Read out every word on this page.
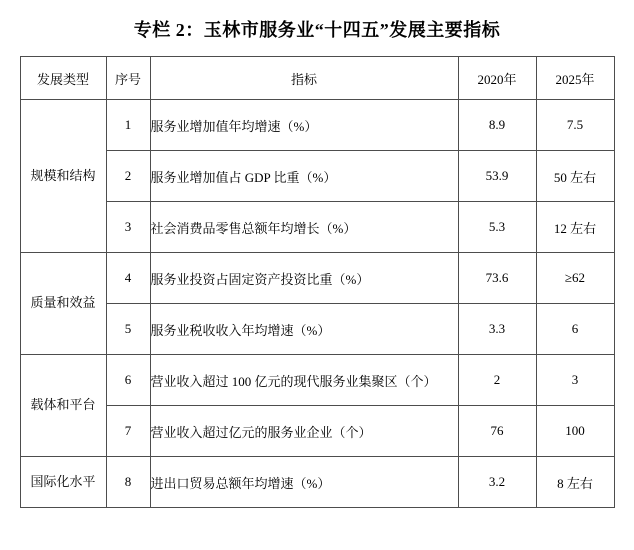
专栏 2：玉林市服务业“十四五”发展主要指标
发展类型	序号	指标	2020年	2025年
规模和结构	1	服务业增加值年均增速（%）	8.9	7.5
	2	服务业增加值占 GDP 比重（%）	53.9	50 左右
	3	社会消费品零售总额年均增长（%）	5.3	12 左右
质量和效益	4	服务业投资占固定资产投资比重（%）	73.6	≥62
	5	服务业税收收入年均增速（%）	3.3	6
载体和平台	6	营业收入超过 100 亿元的现代服务业集聚区（个）	2	3
	7	营业收入超过亿元的服务业企业（个）	76	100
国际化水平	8	进出口贸易总额年均增速（%）	3.2	8 左右
